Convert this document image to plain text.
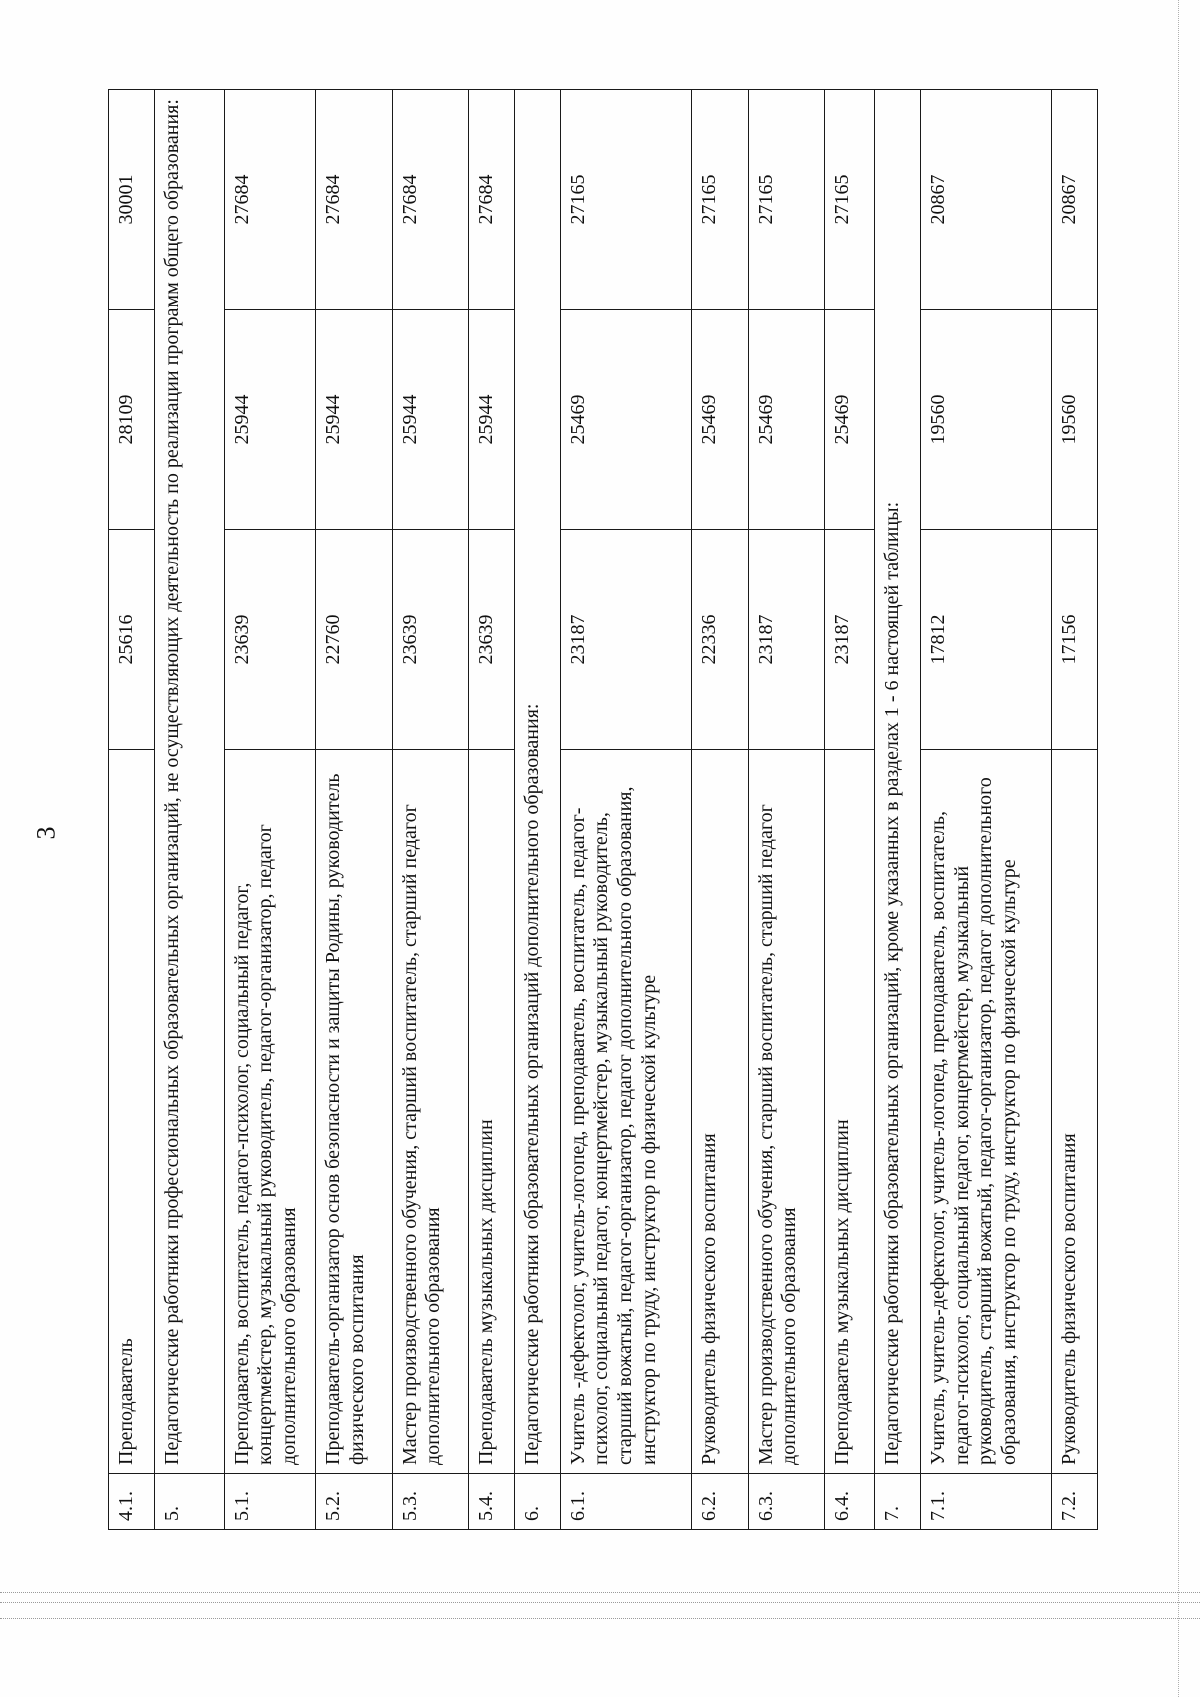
3
4.1.	Преподаватель	25616	28109	30001
5.	Педагогические работники профессиональных образовательных организаций, не осуществляющих деятельность по реализации программ общего образования:			
5.1.	Преподаватель, воспитатель, педагог-психолог, социальный педагог, концертмейстер, музыкальный руководитель, педагог-организатор, педагог дополнительного образования	23639	25944	27684
5.2.	Преподаватель-организатор основ безопасности и защиты Родины, руководитель физического воспитания	22760	25944	27684
5.3.	Мастер производственного обучения, старший воспитатель, старший педагог дополнительного образования	23639	25944	27684
5.4.	Преподаватель музыкальных дисциплин	23639	25944	27684
6.	Педагогические работники образовательных организаций дополнительного образования:			
6.1.	Учитель -дефектолог, учитель-логопед, преподаватель, воспитатель, педагог-психолог, социальный педагог, концертмейстер, музыкальный руководитель, старший вожатый, педагог-организатор, педагог дополнительного образования, инструктор по труду, инструктор по физической культуре	23187	25469	27165
6.2.	Руководитель физического воспитания	22336	25469	27165
6.3.	Мастер производственного обучения, старший воспитатель, старший педагог дополнительного образования	23187	25469	27165
6.4.	Преподаватель музыкальных дисциплин	23187	25469	27165
7.	Педагогические работники образовательных организаций, кроме указанных в разделах 1 - 6 настоящей таблицы:			
7.1.	Учитель, учитель-дефектолог, учитель-логопед, преподаватель, воспитатель, педагог-психолог, социальный педагог, концертмейстер, музыкальный руководитель, старший вожатый, педагог-организатор, педагог дополнительного образования, инструктор по труду, инструктор по физической культуре	17812	19560	20867
7.2.	Руководитель физического воспитания	17156	19560	20867
